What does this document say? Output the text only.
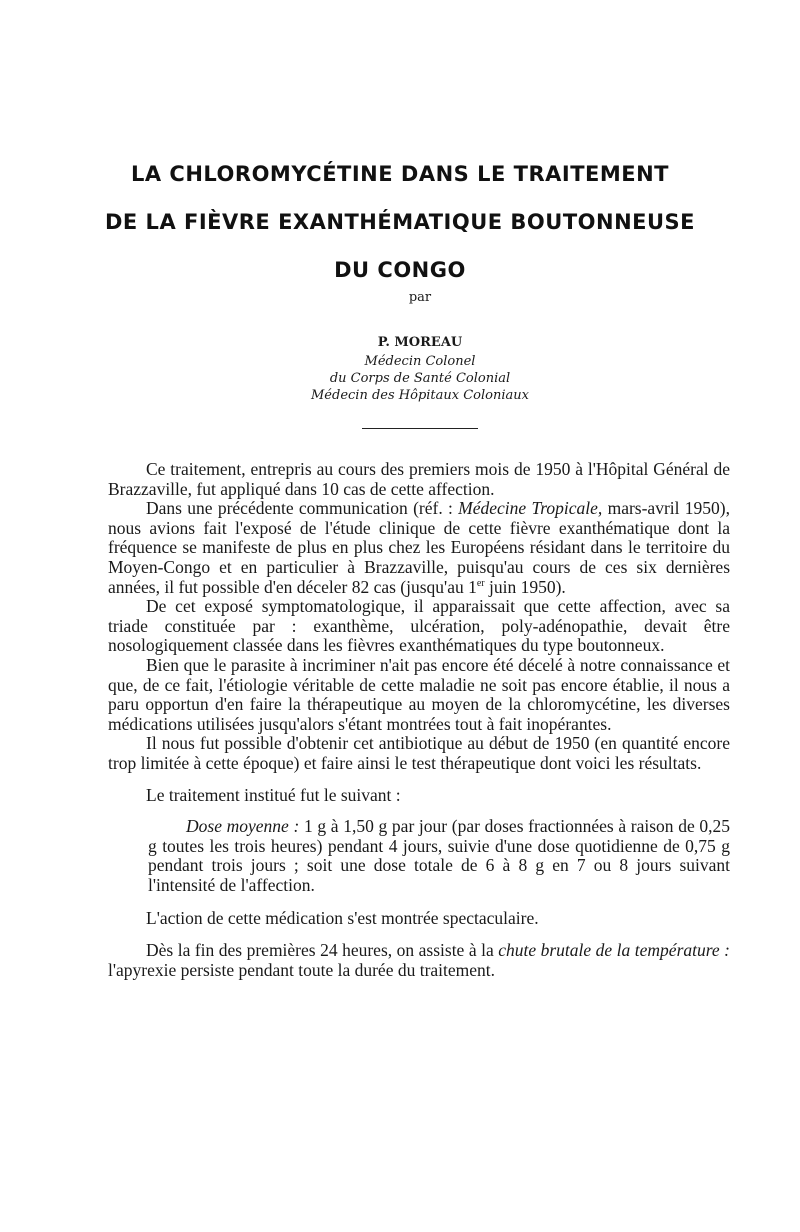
LA CHLOROMYCÉTINE DANS LE TRAITEMENT
DE LA FIÈVRE EXANTHÉMATIQUE BOUTONNEUSE
DU CONGO
par
P. MOREAU
Médecin Colonel
du Corps de Santé Colonial
Médecin des Hôpitaux Coloniaux

Ce traitement, entrepris au cours des premiers mois de 1950 à l'Hôpital Général de Brazzaville, fut appliqué dans 10 cas de cette affection.

Dans une précédente communication (réf. : Médecine Tropicale, mars-avril 1950), nous avions fait l'exposé de l'étude clinique de cette fièvre exanthématique dont la fréquence se manifeste de plus en plus chez les Européens résidant dans le territoire du Moyen-Congo et en particulier à Brazzaville, puisqu'au cours de ces six dernières années, il fut possible d'en déceler 82 cas (jusqu'au 1er juin 1950).

De cet exposé symptomatologique, il apparaissait que cette affection, avec sa triade constituée par : exanthème, ulcération, poly-adénopathie, devait être nosologiquement classée dans les fièvres exanthématiques du type boutonneux.

Bien que le parasite à incriminer n'ait pas encore été décelé à notre connaissance et que, de ce fait, l'étiologie véritable de cette maladie ne soit pas encore établie, il nous a paru opportun d'en faire la thérapeutique au moyen de la chloromycétine, les diverses médications utilisées jusqu'alors s'étant montrées tout à fait inopérantes.

Il nous fut possible d'obtenir cet antibiotique au début de 1950 (en quantité encore trop limitée à cette époque) et faire ainsi le test thérapeutique dont voici les résultats.

Le traitement institué fut le suivant :

Dose moyenne : 1 g à 1,50 g par jour (par doses fractionnées à raison de 0,25 g toutes les trois heures) pendant 4 jours, suivie d'une dose quotidienne de 0,75 g pendant trois jours ; soit une dose totale de 6 à 8 g en 7 ou 8 jours suivant l'intensité de l'affection.

L'action de cette médication s'est montrée spectaculaire.

Dès la fin des premières 24 heures, on assiste à la chute brutale de la température : l'apyrexie persiste pendant toute la durée du traitement.
